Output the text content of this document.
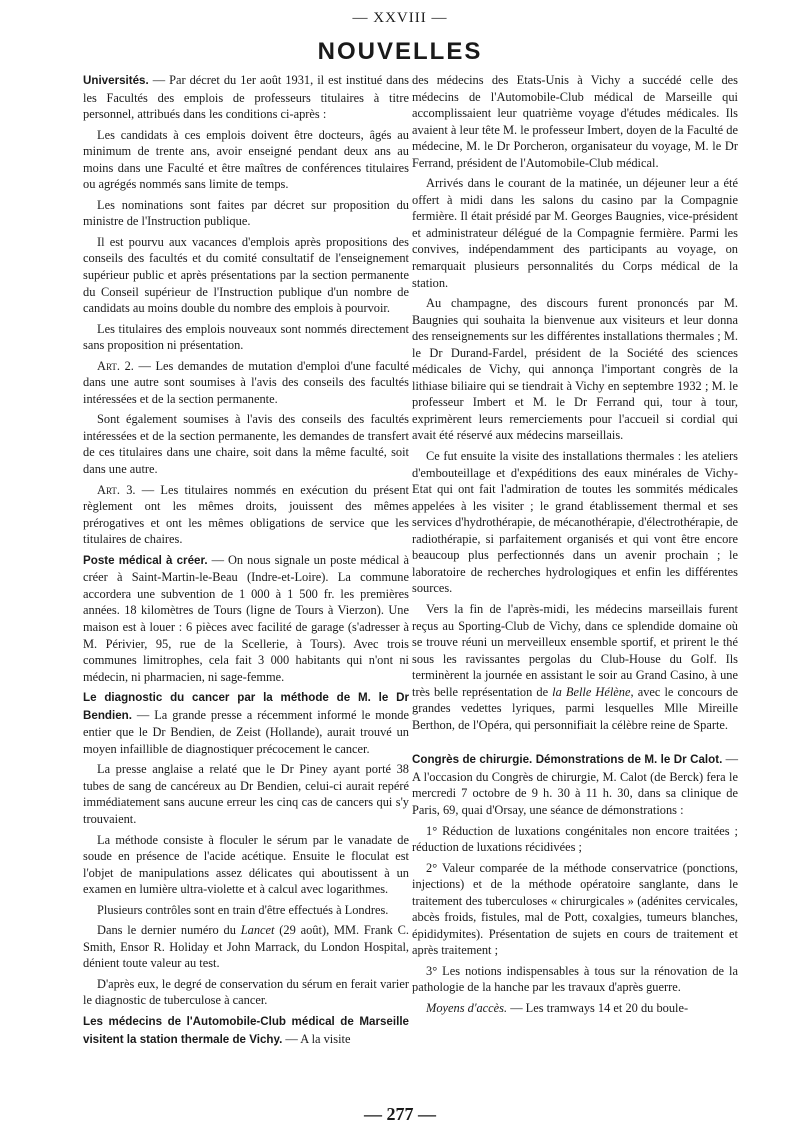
— XXVIII —
NOUVELLES

Universités. — Par décret du 1er août 1931, il est institué dans les Facultés des emplois de professeurs titulaires à titre personnel, attribués dans les conditions ci-après :

Les candidats à ces emplois doivent être docteurs, âgés au minimum de trente ans, avoir enseigné pendant deux ans au moins dans une Faculté et être maîtres de conférences titulaires ou agrégés nommés sans limite de temps.

Les nominations sont faites par décret sur proposition du ministre de l'Instruction publique.

Il est pourvu aux vacances d'emplois après propositions des conseils des facultés et du comité consultatif de l'enseignement supérieur public et après présentations par la section permanente du Conseil supérieur de l'Instruction publique d'un nombre de candidats au moins double du nombre des emplois à pourvoir.

Les titulaires des emplois nouveaux sont nommés directement sans proposition ni présentation.

Art. 2. — Les demandes de mutation d'emploi d'une faculté dans une autre sont soumises à l'avis des conseils des facultés intéressées et de la section permanente.

Sont également soumises à l'avis des conseils des facultés intéressées et de la section permanente, les demandes de transfert de ces titulaires dans une chaire, soit dans la même faculté, soit dans une autre.

Art. 3. — Les titulaires nommés en exécution du présent règlement ont les mêmes droits, jouissent des mêmes prérogatives et ont les mêmes obligations de service que les titulaires de chaires.

Poste médical à créer. — On nous signale un poste médical à créer à Saint-Martin-le-Beau (Indre-et-Loire). La commune accordera une subvention de 1 000 à 1 500 fr. les premières années. 18 kilomètres de Tours (ligne de Tours à Vierzon). Une maison est à louer : 6 pièces avec facilité de garage (s'adresser à M. Périvier, 95, rue de la Scellerie, à Tours). Avec trois communes limitrophes, cela fait 3 000 habitants qui n'ont ni médecin, ni pharmacien, ni sage-femme.

Le diagnostic du cancer par la méthode de M. le Dr Bendien. — La grande presse a récemment informé le monde entier que le Dr Bendien, de Zeist (Hollande), aurait trouvé un moyen infaillible de diagnostiquer précocement le cancer.

La presse anglaise a relaté que le Dr Piney ayant porté 38 tubes de sang de cancéreux au Dr Bendien, celui-ci aurait repéré immédiatement sans aucune erreur les cinq cas de cancers qui s'y trouvaient.

La méthode consiste à floculer le sérum par le vanadate de soude en présence de l'acide acétique. Ensuite le floculat est l'objet de manipulations assez délicates qui aboutissent à un examen en lumière ultra-violette et à calcul avec logarithmes.

Plusieurs contrôles sont en train d'être effectués à Londres.

Dans le dernier numéro du Lancet (29 août), MM. Frank C. Smith, Ensor R. Holiday et John Marrack, du London Hospital, dénient toute valeur au test.

D'après eux, le degré de conservation du sérum en ferait varier le diagnostic de tuberculose à cancer.

Les médecins de l'Automobile-Club médical de Marseille visitent la station thermale de Vichy. — A la visite

des médecins des Etats-Unis à Vichy a succédé celle des médecins de l'Automobile-Club médical de Marseille qui accomplissaient leur quatrième voyage d'études médicales. Ils avaient à leur tête M. le professeur Imbert, doyen de la Faculté de médecine, M. le Dr Porcheron, organisateur du voyage, M. le Dr Ferrand, président de l'Automobile-Club médical.

Arrivés dans le courant de la matinée, un déjeuner leur a été offert à midi dans les salons du casino par la Compagnie fermière. Il était présidé par M. Georges Baugnies, vice-président et administrateur délégué de la Compagnie fermière. Parmi les convives, indépendamment des participants au voyage, on remarquait plusieurs personnalités du Corps médical de la station.

Au champagne, des discours furent prononcés par M. Baugnies qui souhaita la bienvenue aux visiteurs et leur donna des renseignements sur les différentes installations thermales ; M. le Dr Durand-Fardel, président de la Société des sciences médicales de Vichy, qui annonça l'important congrès de la lithiase biliaire qui se tiendrait à Vichy en septembre 1932 ; M. le professeur Imbert et M. le Dr Ferrand qui, tour à tour, exprimèrent leurs remerciements pour l'accueil si cordial qui avait été réservé aux médecins marseillais.

Ce fut ensuite la visite des installations thermales : les ateliers d'embouteillage et d'expéditions des eaux minérales de Vichy-Etat qui ont fait l'admiration de toutes les sommités médicales appelées à les visiter ; le grand établissement thermal et ses services d'hydrothérapie, de mécanothérapie, d'électrothérapie, de radiothérapie, si parfaitement organisés et qui vont être encore beaucoup plus perfectionnés dans un avenir prochain ; le laboratoire de recherches hydrologiques et enfin les différentes sources.

Vers la fin de l'après-midi, les médecins marseillais furent reçus au Sporting-Club de Vichy, dans ce splendide domaine où se trouve réuni un merveilleux ensemble sportif, et prirent le thé sous les ravissantes pergolas du Club-House du Golf. Ils terminèrent la journée en assistant le soir au Grand Casino, à une très belle représentation de la Belle Hélène, avec le concours de grandes vedettes lyriques, parmi lesquelles Mlle Mireille Berthon, de l'Opéra, qui personnifiait la célèbre reine de Sparte.

Congrès de chirurgie. Démonstrations de M. le Dr Calot. — A l'occasion du Congrès de chirurgie, M. Calot (de Berck) fera le mercredi 7 octobre de 9 h. 30 à 11 h. 30, dans sa clinique de Paris, 69, quai d'Orsay, une séance de démonstrations :

1° Réduction de luxations congénitales non encore traitées ; réduction de luxations récidivées ;

2° Valeur comparée de la méthode conservatrice (ponctions, injections) et de la méthode opératoire sanglante, dans le traitement des tuberculoses « chirurgicales » (adénites cervicales, abcès froids, fistules, mal de Pott, coxalgies, tumeurs blanches, épididymites). Présentation de sujets en cours de traitement et après traitement ;

3° Les notions indispensables à tous sur la rénovation de la pathologie de la hanche par les travaux d'après guerre.

Moyens d'accès. — Les tramways 14 et 20 du boule-

— 277 —
